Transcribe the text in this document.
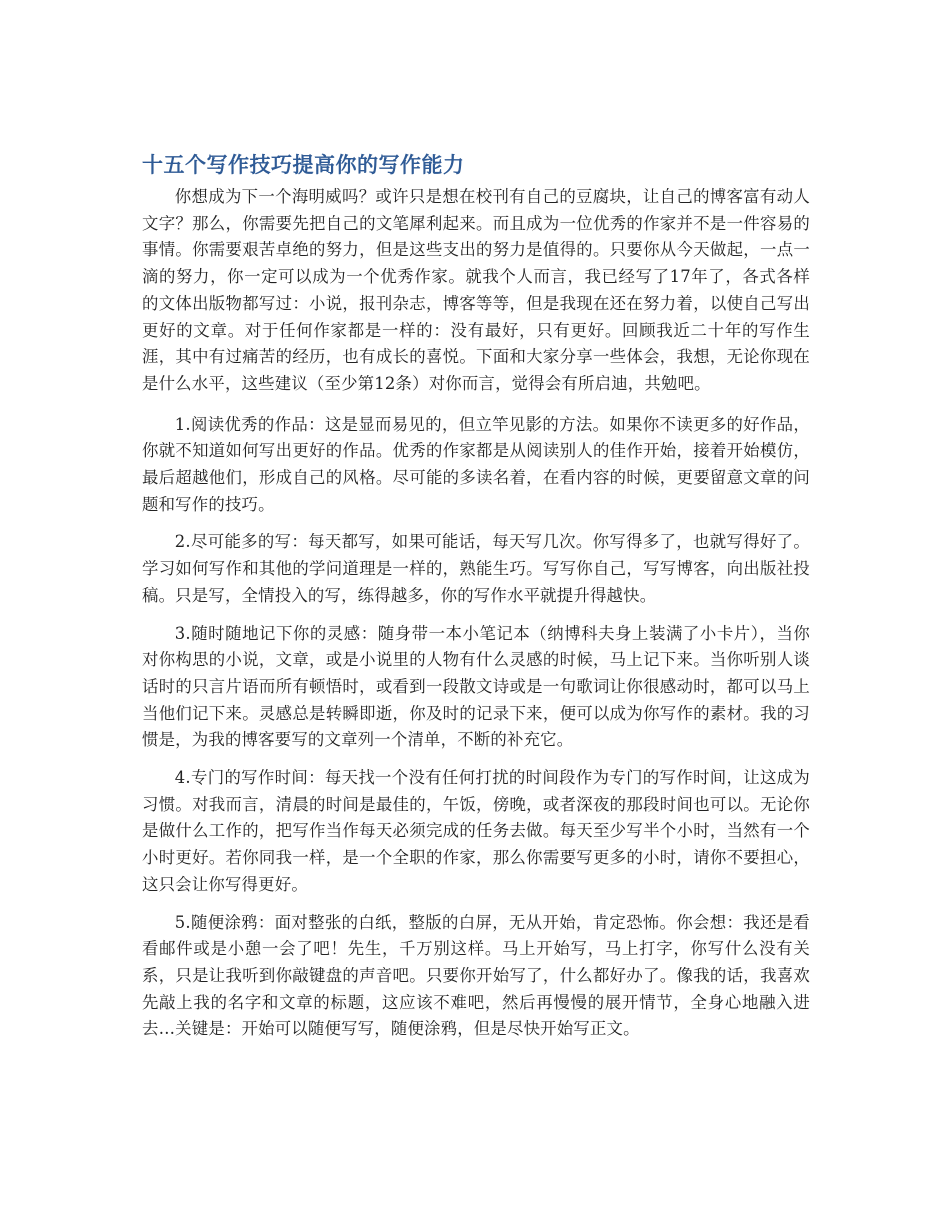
十五个写作技巧提高你的写作能力

你想成为下一个海明威吗？或许只是想在校刊有自己的豆腐块，让自己的博客富有动人文字？那么，你需要先把自己的文笔犀利起来。而且成为一位优秀的作家并不是一件容易的事情。你需要艰苦卓绝的努力，但是这些支出的努力是值得的。只要你从今天做起，一点一滴的努力，你一定可以成为一个优秀作家。就我个人而言，我已经写了17年了，各式各样的文体出版物都写过：小说，报刊杂志，博客等等，但是我现在还在努力着，以使自己写出更好的文章。对于任何作家都是一样的：没有最好，只有更好。回顾我近二十年的写作生涯，其中有过痛苦的经历，也有成长的喜悦。下面和大家分享一些体会，我想，无论你现在是什么水平，这些建议（至少第12条）对你而言，觉得会有所启迪，共勉吧。

1.阅读优秀的作品：这是显而易见的，但立竿见影的方法。如果你不读更多的好作品，你就不知道如何写出更好的作品。优秀的作家都是从阅读别人的佳作开始，接着开始模仿，最后超越他们，形成自己的风格。尽可能的多读名着，在看内容的时候，更要留意文章的问题和写作的技巧。

2.尽可能多的写：每天都写，如果可能话，每天写几次。你写得多了，也就写得好了。学习如何写作和其他的学问道理是一样的，熟能生巧。写写你自己，写写博客，向出版社投稿。只是写，全情投入的写，练得越多，你的写作水平就提升得越快。

3.随时随地记下你的灵感：随身带一本小笔记本（纳博科夫身上装满了小卡片），当你对你构思的小说，文章，或是小说里的人物有什么灵感的时候，马上记下来。当你听别人谈话时的只言片语而所有顿悟时，或看到一段散文诗或是一句歌词让你很感动时，都可以马上当他们记下来。灵感总是转瞬即逝，你及时的记录下来，便可以成为你写作的素材。我的习惯是，为我的博客要写的文章列一个清单，不断的补充它。

4.专门的写作时间：每天找一个没有任何打扰的时间段作为专门的写作时间，让这成为习惯。对我而言，清晨的时间是最佳的，午饭，傍晚，或者深夜的那段时间也可以。无论你是做什么工作的，把写作当作每天必须完成的任务去做。每天至少写半个小时，当然有一个小时更好。若你同我一样，是一个全职的作家，那么你需要写更多的小时，请你不要担心，这只会让你写得更好。

5.随便涂鸦：面对整张的白纸，整版的白屏，无从开始，肯定恐怖。你会想：我还是看看邮件或是小憩一会了吧！先生，千万别这样。马上开始写，马上打字，你写什么没有关系，只是让我听到你敲键盘的声音吧。只要你开始写了，什么都好办了。像我的话，我喜欢先敲上我的名字和文章的标题，这应该不难吧，然后再慢慢的展开情节，全身心地融入进去…关键是：开始可以随便写写，随便涂鸦，但是尽快开始写正文。
